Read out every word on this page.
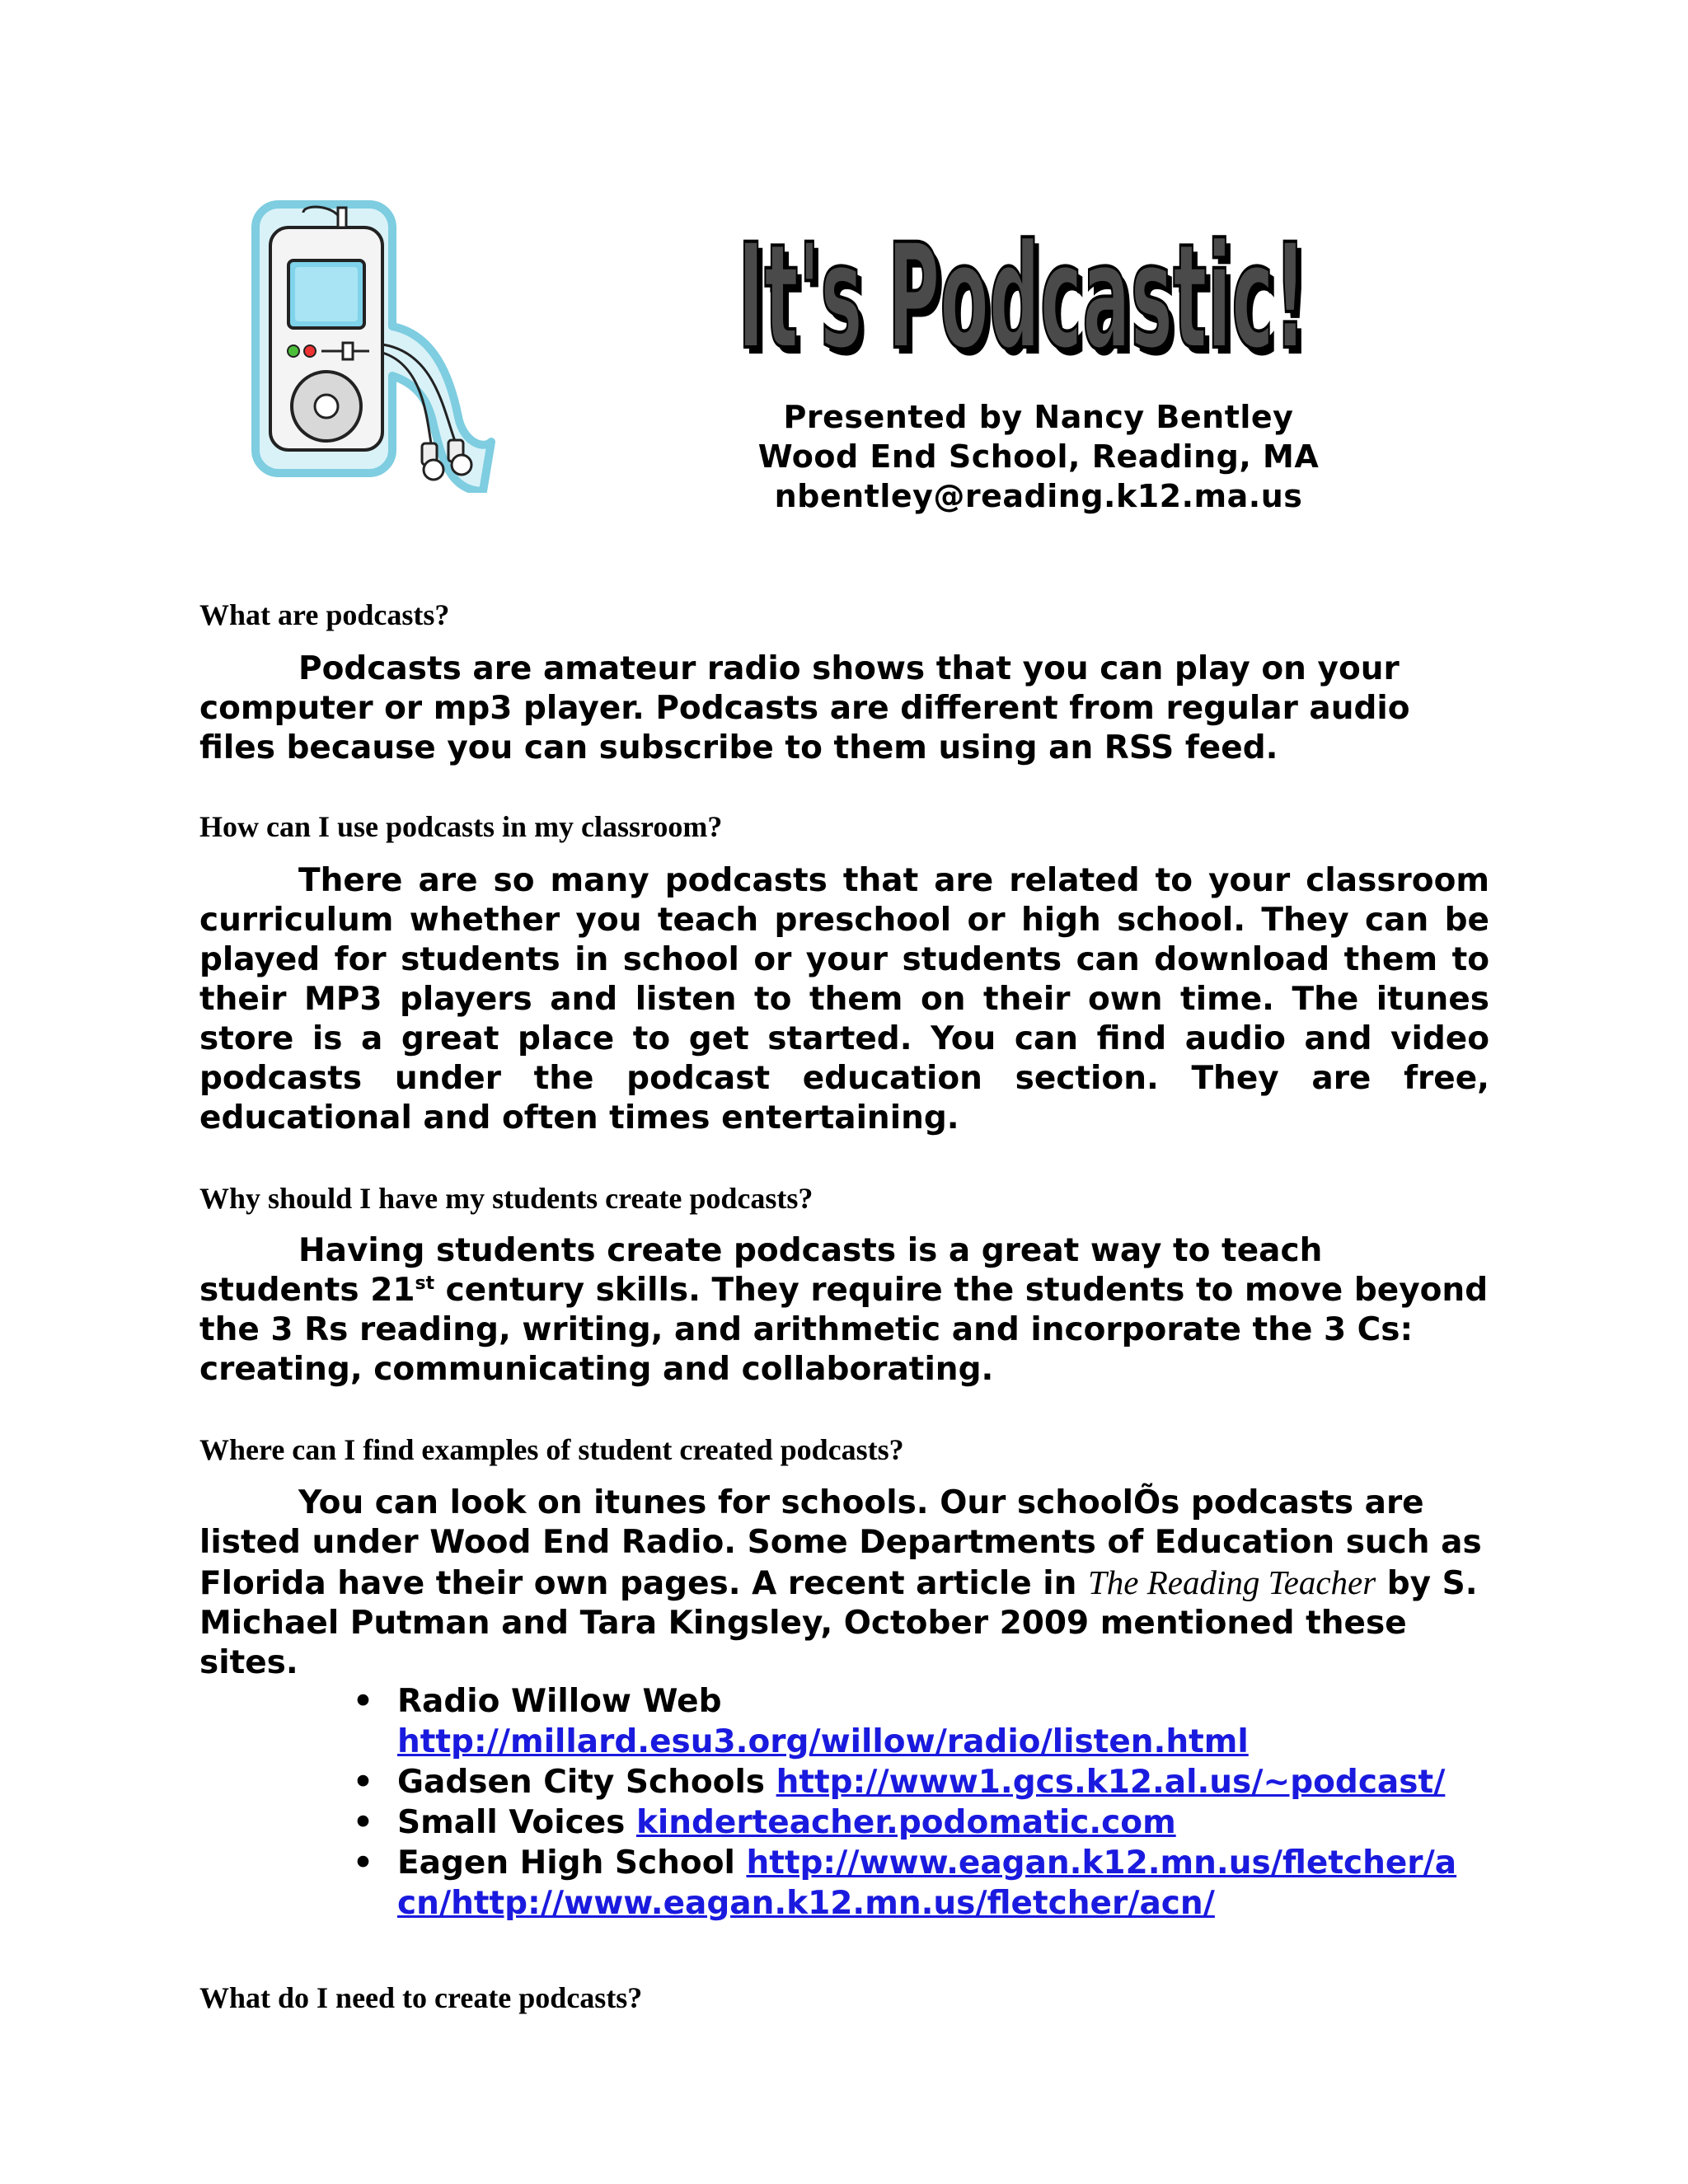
It's Podcastic!
It's Podcastic!
Presented by Nancy Bentley
Wood End School, Reading, MA
nbentley@reading.k12.ma.us
What are podcasts?
Podcasts are amateur radio shows that you can play on your computer or mp3 player. Podcasts are different from regular audio files because you can subscribe to them using an RSS feed.
How can I use podcasts in my classroom?
There are so many podcasts that are related to your classroom curriculum whether you teach preschool or high school. They can be played for students in school or your students can download them to their MP3 players and listen to them on their own time. The itunes store is a great place to get started. You can find audio and video podcasts under the podcast education section. They are free, educational and often times entertaining.
Why should I have my students create podcasts?
Having students create podcasts is a great way to teach students 21st century skills. They require the students to move beyond the 3 Rs reading, writing, and arithmetic and incorporate the 3 Cs: creating, communicating and collaborating.
Where can I find examples of student created podcasts?
You can look on itunes for schools. Our schoolÕs podcasts are listed under Wood End Radio. Some Departments of Education such as Florida have their own pages. A recent article in The Reading Teacher by S. Michael Putman and Tara Kingsley, October 2009 mentioned these sites.
• Radio Willow Web
http://millard.esu3.org/willow/radio/listen.html
• Gadsen City Schools http://www1.gcs.k12.al.us/~podcast/
• Small Voices kinderteacher.podomatic.com
• Eagen High School http://www.eagan.k12.mn.us/fletcher/acn/http://www.eagan.k12.mn.us/fletcher/acn/
What do I need to create podcasts?
